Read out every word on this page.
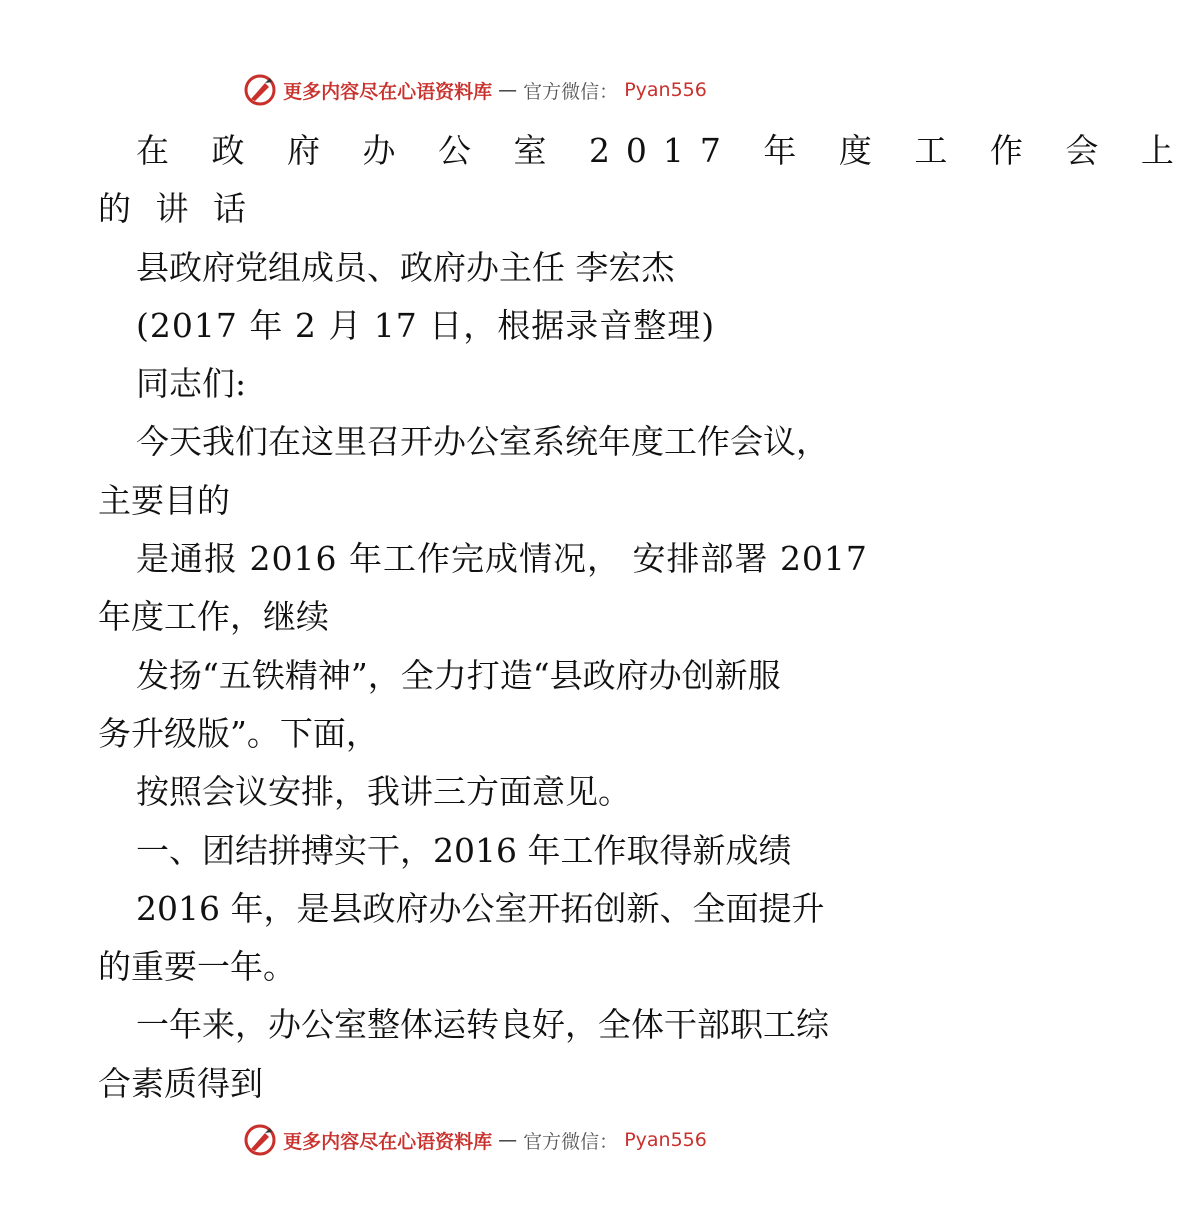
更多内容尽在心语资料库 — 官方微信： Pyan556
在 政 府 办 公 室 2017 年 度 工 作 会 上
的 讲 话
县政府党组成员、政府办主任 李宏杰
(2017 年 2 月 17 日，根据录音整理)
同志们:
今天我们在这里召开办公室系统年度工作会议，
主要目的
是通报 2016 年工作完成情况， 安排部署 2017
年度工作，继续
发扬“五铁精神”，全力打造“县政府办创新服
务升级版”。下面，
按照会议安排，我讲三方面意见。
一、团结拼搏实干，2016 年工作取得新成绩
2016 年，是县政府办公室开拓创新、全面提升
的重要一年。
一年来，办公室整体运转良好，全体干部职工综
合素质得到
更多内容尽在心语资料库 — 官方微信： Pyan556
